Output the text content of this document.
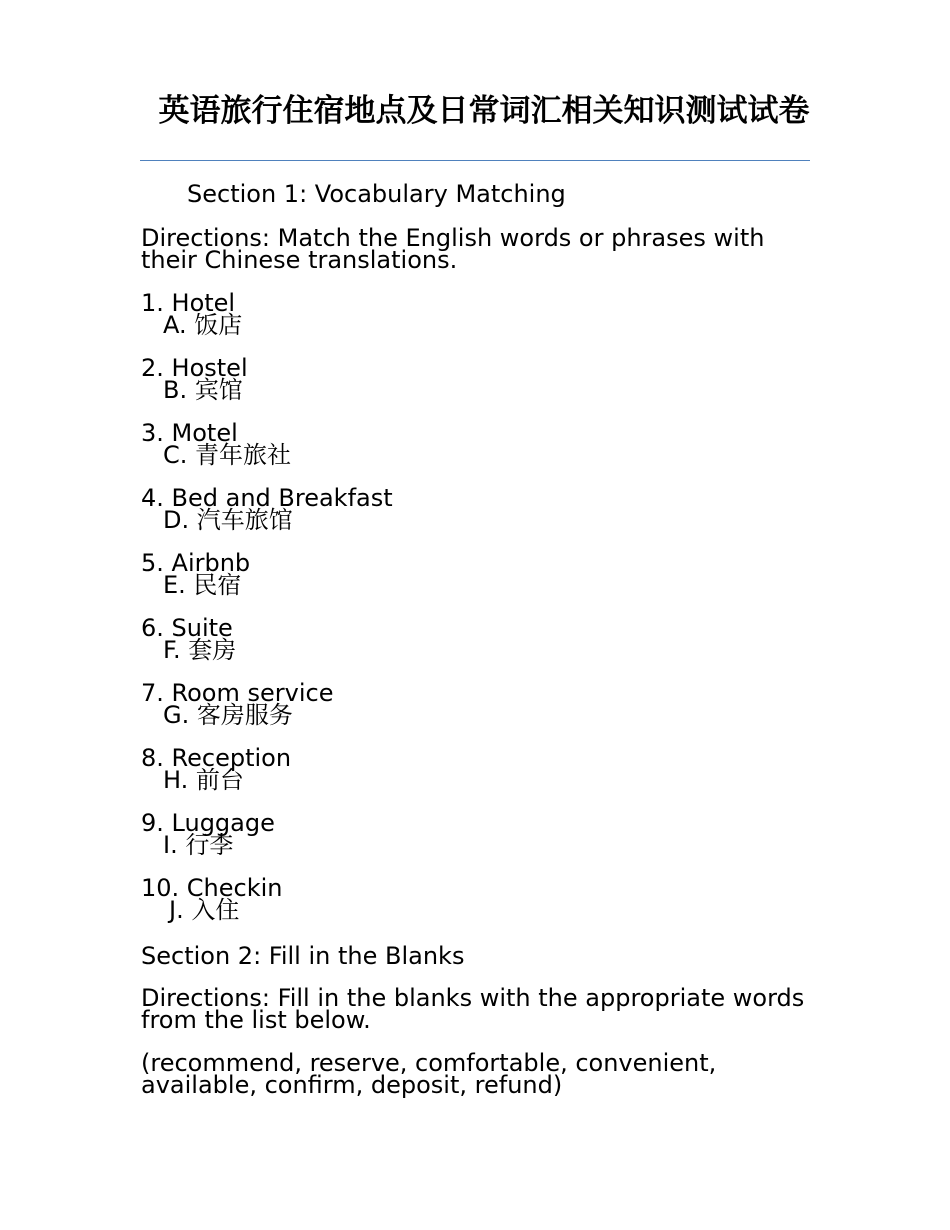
英语旅行住宿地点及日常词汇相关知识测试试卷
Section 1: Vocabulary Matching
Directions: Match the English words or phrases with
their Chinese translations.
1. Hotel
A. 饭店
2. Hostel
B. 宾馆
3. Motel
C. 青年旅社
4. Bed and Breakfast
D. 汽车旅馆
5. Airbnb
E. 民宿
6. Suite
F. 套房
7. Room service
G. 客房服务
8. Reception
H. 前台
9. Luggage
I. 行李
10. Checkin
J. 入住
Section 2: Fill in the Blanks
Directions: Fill in the blanks with the appropriate words
from the list below.
(recommend, reserve, comfortable, convenient,
available, confirm, deposit, refund)
